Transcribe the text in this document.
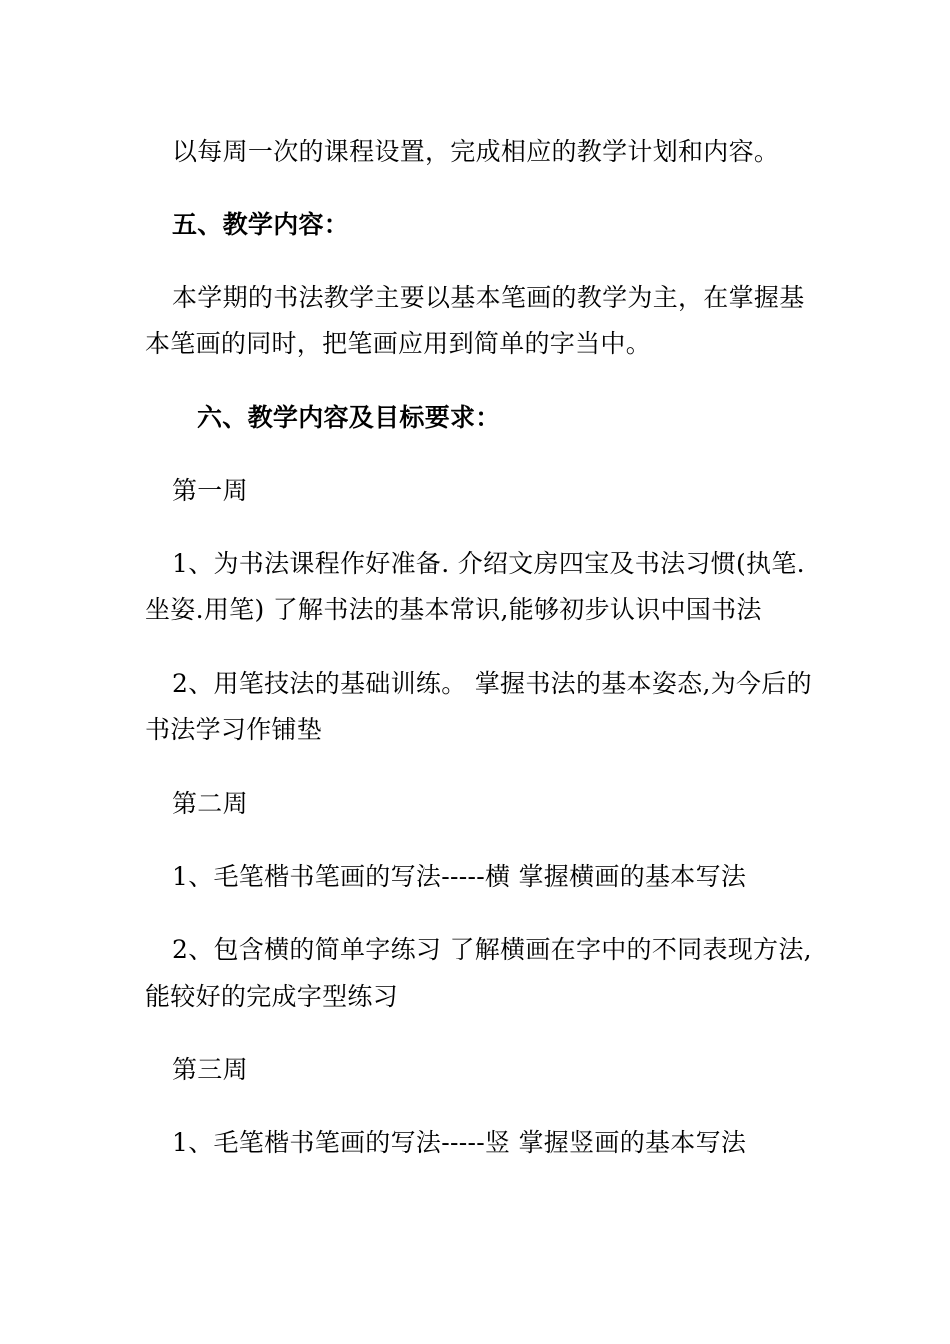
以每周一次的课程设置，完成相应的教学计划和内容。
五、教学内容：
本学期的书法教学主要以基本笔画的教学为主，在掌握基
本笔画的同时，把笔画应用到简单的字当中。
六、教学内容及目标要求：
第一周
1、为书法课程作好准备. 介绍文房四宝及书法习惯(执笔.
坐姿.用笔) 了解书法的基本常识,能够初步认识中国书法
2、用笔技法的基础训练。 掌握书法的基本姿态,为今后的
书法学习作铺垫
第二周
1、毛笔楷书笔画的写法-----横 掌握横画的基本写法
2、包含横的简单字练习 了解横画在字中的不同表现方法,
能较好的完成字型练习
第三周
1、毛笔楷书笔画的写法-----竖 掌握竖画的基本写法
